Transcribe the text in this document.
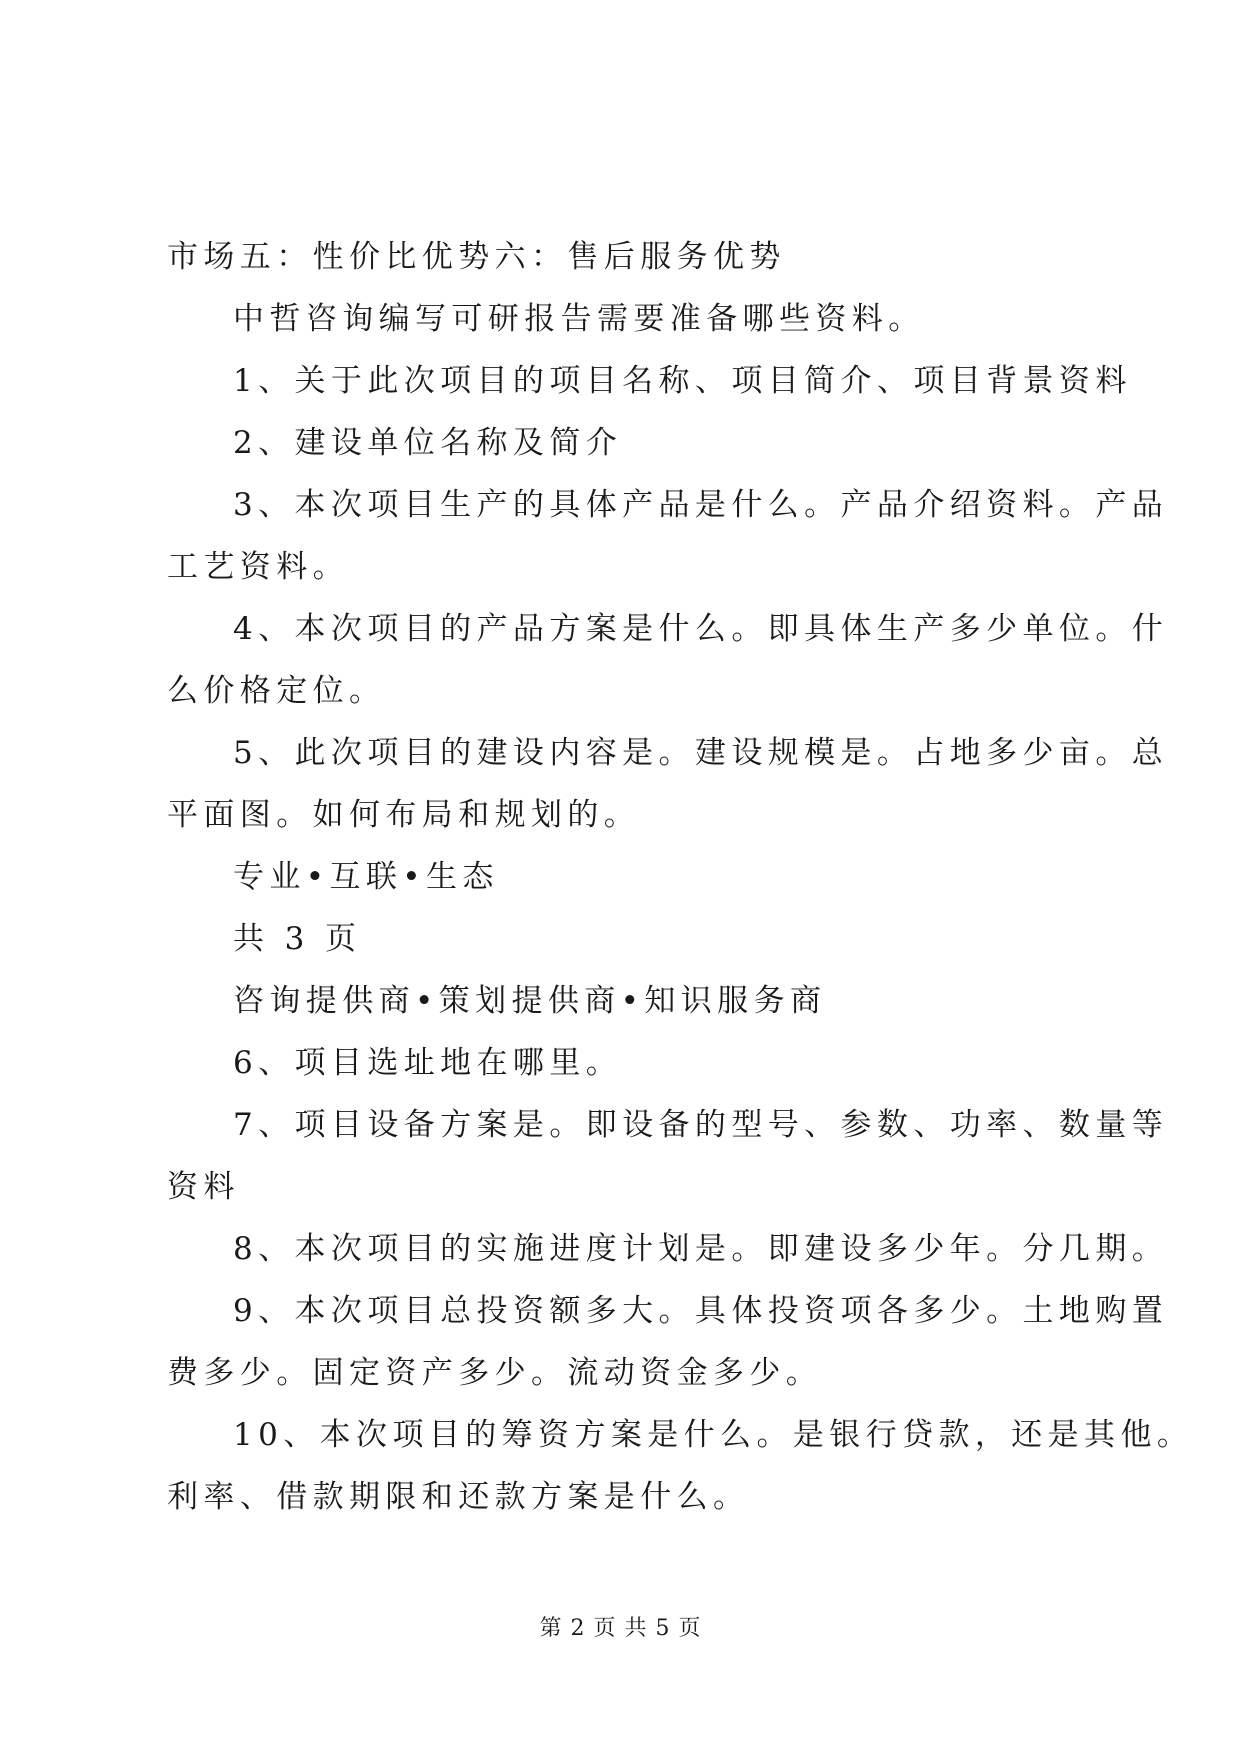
市场五：性价比优势六：售后服务优势
中哲咨询编写可研报告需要准备哪些资料。
1、关于此次项目的项目名称、项目简介、项目背景资料
2、建设单位名称及简介
3、本次项目生产的具体产品是什么。产品介绍资料。产品
工艺资料。
4、本次项目的产品方案是什么。即具体生产多少单位。什
么价格定位。
5、此次项目的建设内容是。建设规模是。占地多少亩。总
平面图。如何布局和规划的。
专业•互联•生态
共 3 页
咨询提供商•策划提供商•知识服务商
6、项目选址地在哪里。
7、项目设备方案是。即设备的型号、参数、功率、数量等
资料
8、本次项目的实施进度计划是。即建设多少年。分几期。
9、本次项目总投资额多大。具体投资项各多少。土地购置
费多少。固定资产多少。流动资金多少。
10、本次项目的筹资方案是什么。是银行贷款，还是其他。
利率、借款期限和还款方案是什么。
第 2 页 共 5 页
